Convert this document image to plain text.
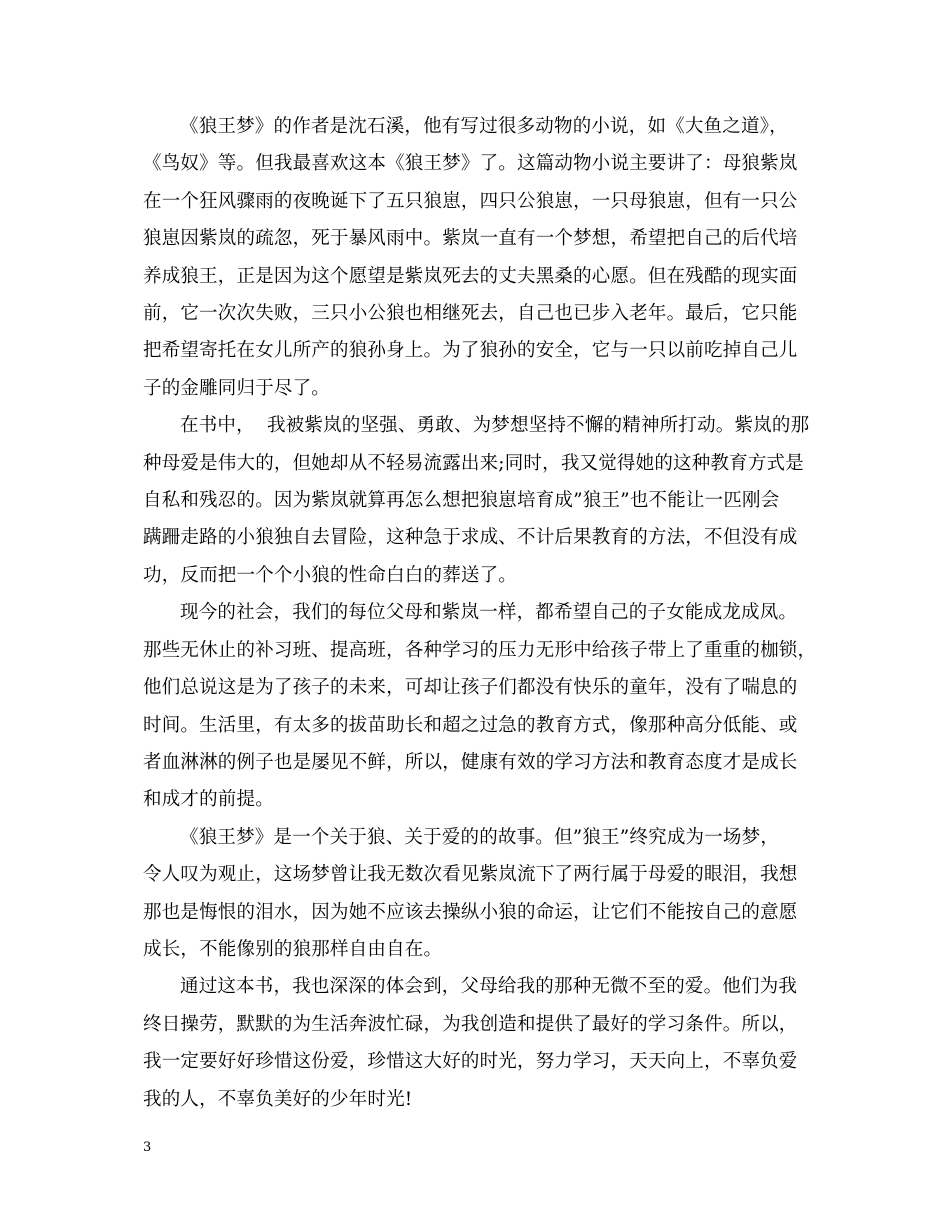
《狼王梦》的作者是沈石溪，他有写过很多动物的小说，如《大鱼之道》，
《鸟奴》等。但我最喜欢这本《狼王梦》了。这篇动物小说主要讲了：母狼紫岚
在一个狂风骤雨的夜晚诞下了五只狼崽，四只公狼崽，一只母狼崽，但有一只公
狼崽因紫岚的疏忽，死于暴风雨中。紫岚一直有一个梦想，希望把自己的后代培
养成狼王，正是因为这个愿望是紫岚死去的丈夫黑桑的心愿。但在残酷的现实面
前，它一次次失败，三只小公狼也相继死去，自己也已步入老年。最后，它只能
把希望寄托在女儿所产的狼孙身上。为了狼孙的安全，它与一只以前吃掉自己儿
子的金雕同归于尽了。

在书中，  我被紫岚的坚强、勇敢、为梦想坚持不懈的精神所打动。紫岚的那
种母爱是伟大的，但她却从不轻易流露出来;同时，我又觉得她的这种教育方式是
自私和残忍的。因为紫岚就算再怎么想把狼崽培育成”狼王”也不能让一匹刚会
蹒跚走路的小狼独自去冒险，这种急于求成、不计后果教育的方法，不但没有成
功，反而把一个个小狼的性命白白的葬送了。

现今的社会，我们的每位父母和紫岚一样，都希望自己的子女能成龙成凤。
那些无休止的补习班、提高班，各种学习的压力无形中给孩子带上了重重的枷锁，
他们总说这是为了孩子的未来，可却让孩子们都没有快乐的童年，没有了喘息的
时间。生活里，有太多的拔苗助长和超之过急的教育方式，像那种高分低能、或
者血淋淋的例子也是屡见不鲜，所以，健康有效的学习方法和教育态度才是成长
和成才的前提。

《狼王梦》是一个关于狼、关于爱的的故事。但”狼王”终究成为一场梦，
令人叹为观止，这场梦曾让我无数次看见紫岚流下了两行属于母爱的眼泪，我想
那也是悔恨的泪水，因为她不应该去操纵小狼的命运，让它们不能按自己的意愿
成长，不能像别的狼那样自由自在。

通过这本书，我也深深的体会到，父母给我的那种无微不至的爱。他们为我
终日操劳，默默的为生活奔波忙碌，为我创造和提供了最好的学习条件。所以，
我一定要好好珍惜这份爱，珍惜这大好的时光，努力学习，天天向上，不辜负爱
我的人，不辜负美好的少年时光!

3
